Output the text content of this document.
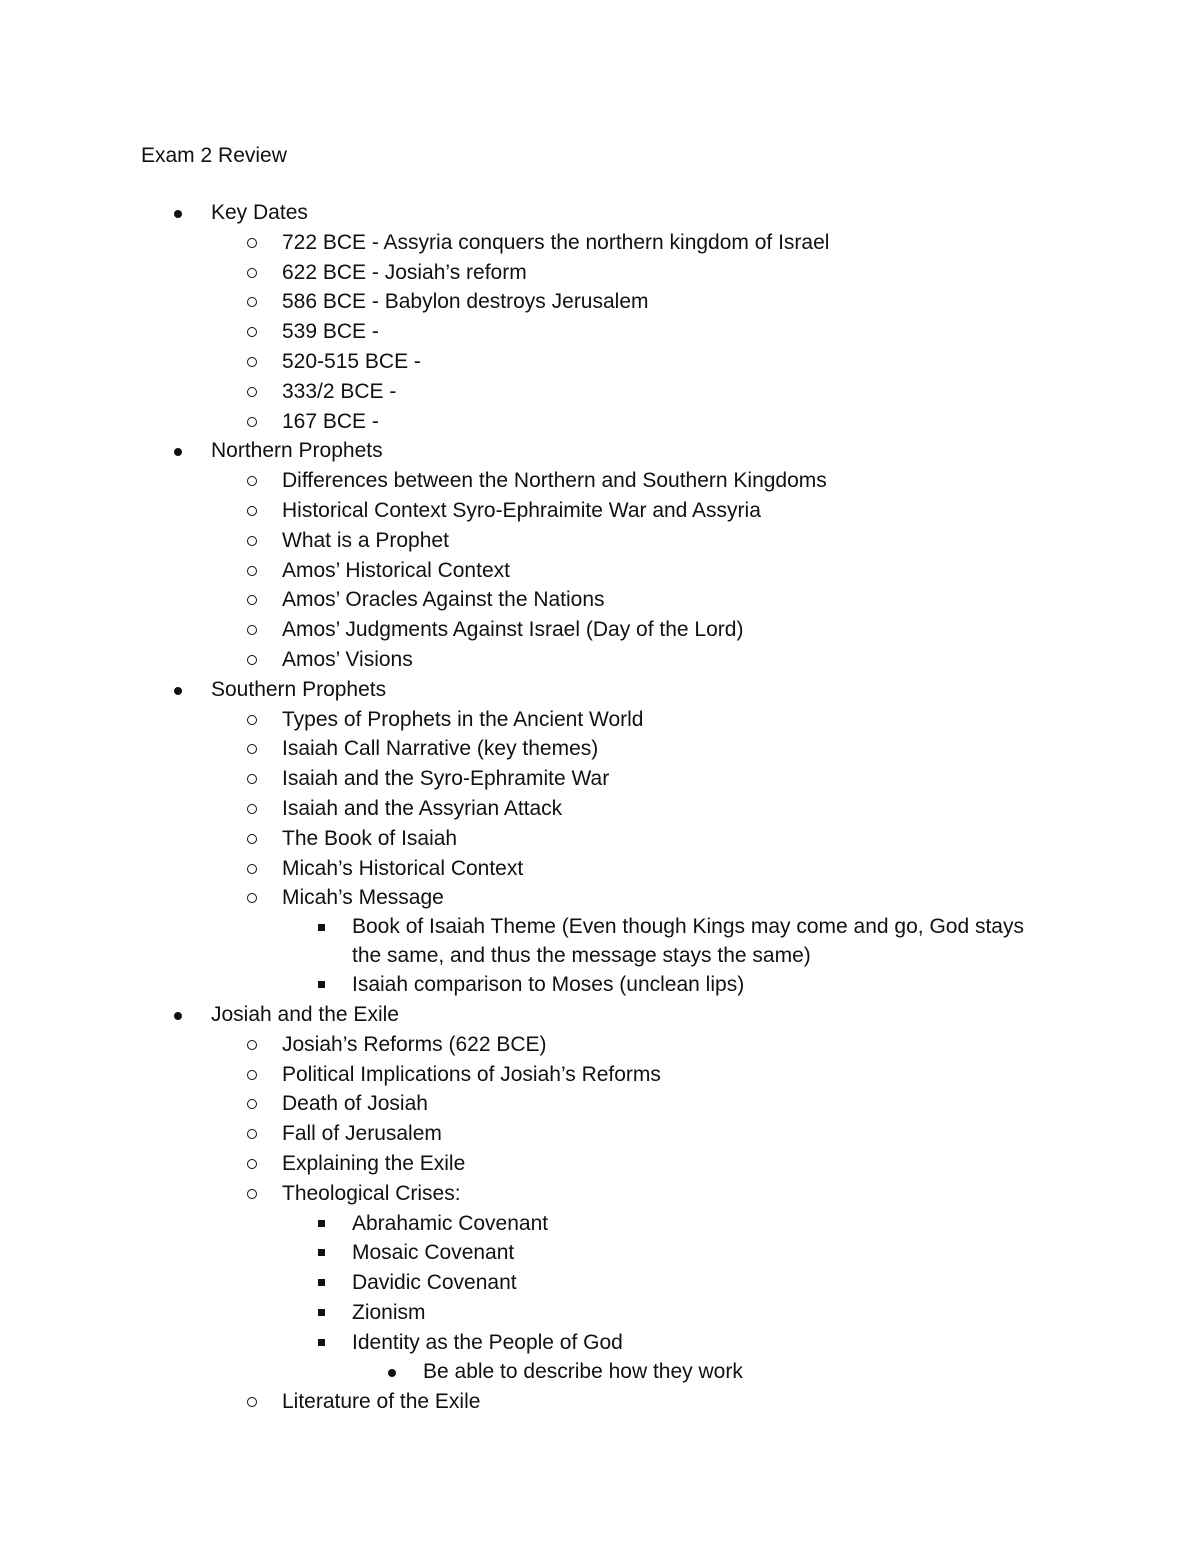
Exam 2 Review
Key Dates
722 BCE - Assyria conquers the northern kingdom of Israel
622 BCE - Josiah’s reform
586 BCE - Babylon destroys Jerusalem
539 BCE -
520-515 BCE -
333/2 BCE -
167 BCE -
Northern Prophets
Differences between the Northern and Southern Kingdoms
Historical Context Syro-Ephraimite War and Assyria
What is a Prophet
Amos’ Historical Context
Amos’ Oracles Against the Nations
Amos’ Judgments Against Israel (Day of the Lord)
Amos’ Visions
Southern Prophets
Types of Prophets in the Ancient World
Isaiah Call Narrative (key themes)
Isaiah and the Syro-Ephramite War
Isaiah and the Assyrian Attack
The Book of Isaiah
Micah’s Historical Context
Micah’s Message
Book of Isaiah Theme (Even though Kings may come and go, God stays
the same, and thus the message stays the same)
Isaiah comparison to Moses (unclean lips)
Josiah and the Exile
Josiah’s Reforms (622 BCE)
Political Implications of Josiah’s Reforms
Death of Josiah
Fall of Jerusalem
Explaining the Exile
Theological Crises:
Abrahamic Covenant
Mosaic Covenant
Davidic Covenant
Zionism
Identity as the People of God
Be able to describe how they work
Literature of the Exile
